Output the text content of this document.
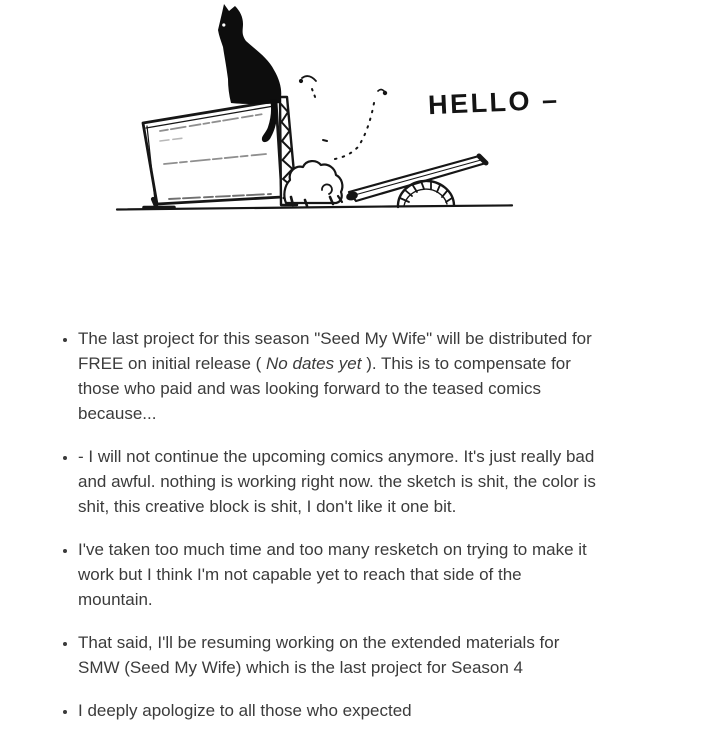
HELLO –
• The last project for this season "Seed My Wife" will be distributed for
FREE on initial release ( No dates yet ). This is to compensate for
those who paid and was looking forward to the teased comics
because...
• - I will not continue the upcoming comics anymore. It's just really bad
and awful. nothing is working right now. the sketch is shit, the color is
shit, this creative block is shit, I don't like it one bit.
• I've taken too much time and too many resketch on trying to make it
work but I think I'm not capable yet to reach that side of the
mountain.
• That said, I'll be resuming working on the extended materials for
SMW (Seed My Wife) which is the last project for Season 4
• I deeply apologize to all those who expected
